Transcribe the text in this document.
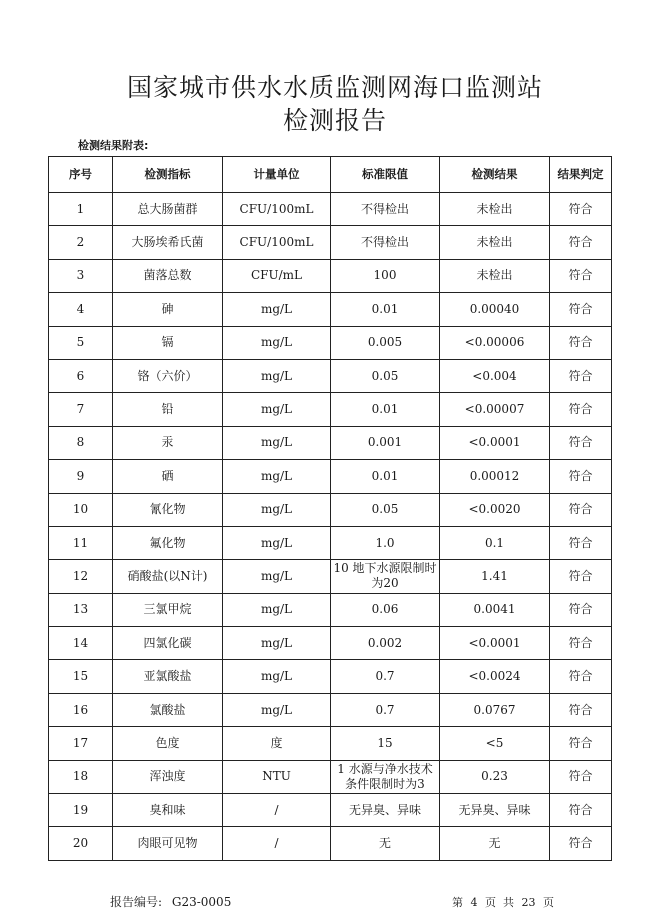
国家城市供水水质监测网海口监测站
检测报告
检测结果附表:
序号	检测指标	计量单位	标准限值	检测结果	结果判定
1	总大肠菌群	CFU/100mL	不得检出	未检出	符合
2	大肠埃希氏菌	CFU/100mL	不得检出	未检出	符合
3	菌落总数	CFU/mL	100	未检出	符合
4	砷	mg/L	0.01	0.00040	符合
5	镉	mg/L	0.005	<0.00006	符合
6	铬（六价）	mg/L	0.05	<0.004	符合
7	铅	mg/L	0.01	<0.00007	符合
8	汞	mg/L	0.001	<0.0001	符合
9	硒	mg/L	0.01	0.00012	符合
10	氰化物	mg/L	0.05	<0.0020	符合
11	氟化物	mg/L	1.0	0.1	符合
12	硝酸盐(以N计)	mg/L	10 地下水源限制时为20	1.41	符合
13	三氯甲烷	mg/L	0.06	0.0041	符合
14	四氯化碳	mg/L	0.002	<0.0001	符合
15	亚氯酸盐	mg/L	0.7	<0.0024	符合
16	氯酸盐	mg/L	0.7	0.0767	符合
17	色度	度	15	<5	符合
18	浑浊度	NTU	1 水源与净水技术条件限制时为3	0.23	符合
19	臭和味	/	无异臭、异味	无异臭、异味	符合
20	肉眼可见物	/	无	无	符合
报告编号: G23-0005	第 4 页  共 23 页
